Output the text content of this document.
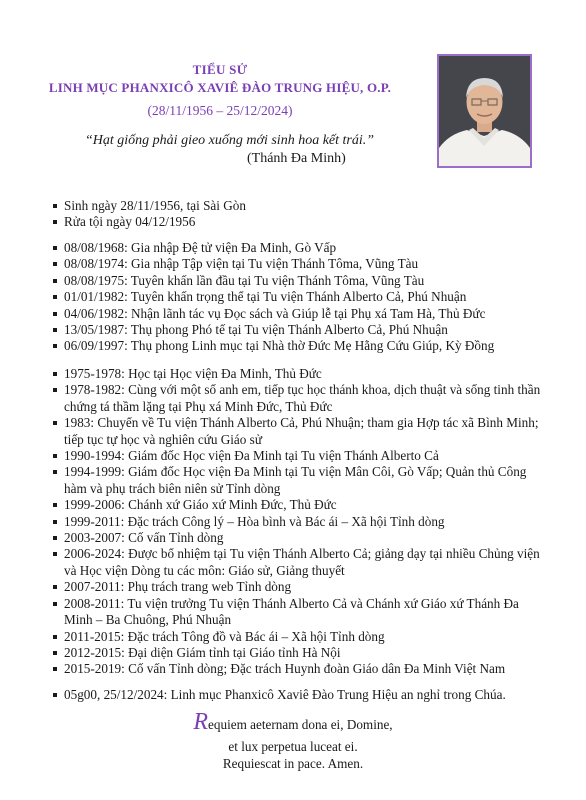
TIỂU SỬ
LINH MỤC PHANXICÔ XAVIÊ ĐÀO TRUNG HIỆU, O.P.
(28/11/1956 – 25/12/2024)
“Hạt giống phải gieo xuống mới sinh hoa kết trái.”
(Thánh Đa Minh)
Sinh ngày 28/11/1956, tại Sài Gòn
Rửa tội ngày 04/12/1956
08/08/1968: Gia nhập Đệ tử viện Đa Minh, Gò Vấp
08/08/1974: Gia nhập Tập viện tại Tu viện Thánh Tôma, Vũng Tàu
08/08/1975: Tuyên khấn lần đầu tại Tu viện Thánh Tôma, Vũng Tàu
01/01/1982: Tuyên khấn trọng thể tại Tu viện Thánh Alberto Cả, Phú Nhuận
04/06/1982: Nhận lãnh tác vụ Đọc sách và Giúp lễ tại Phụ xá Tam Hà, Thủ Đức
13/05/1987: Thụ phong Phó tế tại Tu viện Thánh Alberto Cả, Phú Nhuận
06/09/1997: Thụ phong Linh mục tại Nhà thờ Đức Mẹ Hằng Cứu Giúp, Kỳ Đồng
1975-1978: Học tại Học viện Đa Minh, Thủ Đức
1978-1982: Cùng với một số anh em, tiếp tục học thánh khoa, dịch thuật và sống tinh thần chứng tá thầm lặng tại Phụ xá Minh Đức, Thủ Đức
1983: Chuyển về Tu viện Thánh Alberto Cả, Phú Nhuận; tham gia Hợp tác xã Bình Minh; tiếp tục tự học và nghiên cứu Giáo sử
1990-1994: Giám đốc Học viện Đa Minh tại Tu viện Thánh Alberto Cả
1994-1999: Giám đốc Học viện Đa Minh tại Tu viện Mân Côi, Gò Vấp; Quản thủ Công hàm và phụ trách biên niên sử Tỉnh dòng
1999-2006: Chánh xứ Giáo xứ Minh Đức, Thủ Đức
1999-2011: Đặc trách Công lý – Hòa bình và Bác ái – Xã hội Tỉnh dòng
2003-2007: Cố vấn Tỉnh dòng
2006-2024: Được bổ nhiệm tại Tu viện Thánh Alberto Cả; giảng dạy tại nhiều Chủng viện và Học viện Dòng tu các môn: Giáo sử, Giảng thuyết
2007-2011: Phụ trách trang web Tỉnh dòng
2008-2011: Tu viện trưởng Tu viện Thánh Alberto Cả và Chánh xứ Giáo xứ Thánh Đa Minh – Ba Chuông, Phú Nhuận
2011-2015: Đặc trách Tông đồ và Bác ái – Xã hội Tỉnh dòng
2012-2015: Đại diện Giám tỉnh tại Giáo tỉnh Hà Nội
2015-2019: Cố vấn Tỉnh dòng; Đặc trách Huynh đoàn Giáo dân Đa Minh Việt Nam
05g00, 25/12/2024: Linh mục Phanxicô Xaviê Đào Trung Hiệu an nghỉ trong Chúa.
Requiem aeternam dona ei, Domine,
et lux perpetua luceat ei.
Requiescat in pace. Amen.
